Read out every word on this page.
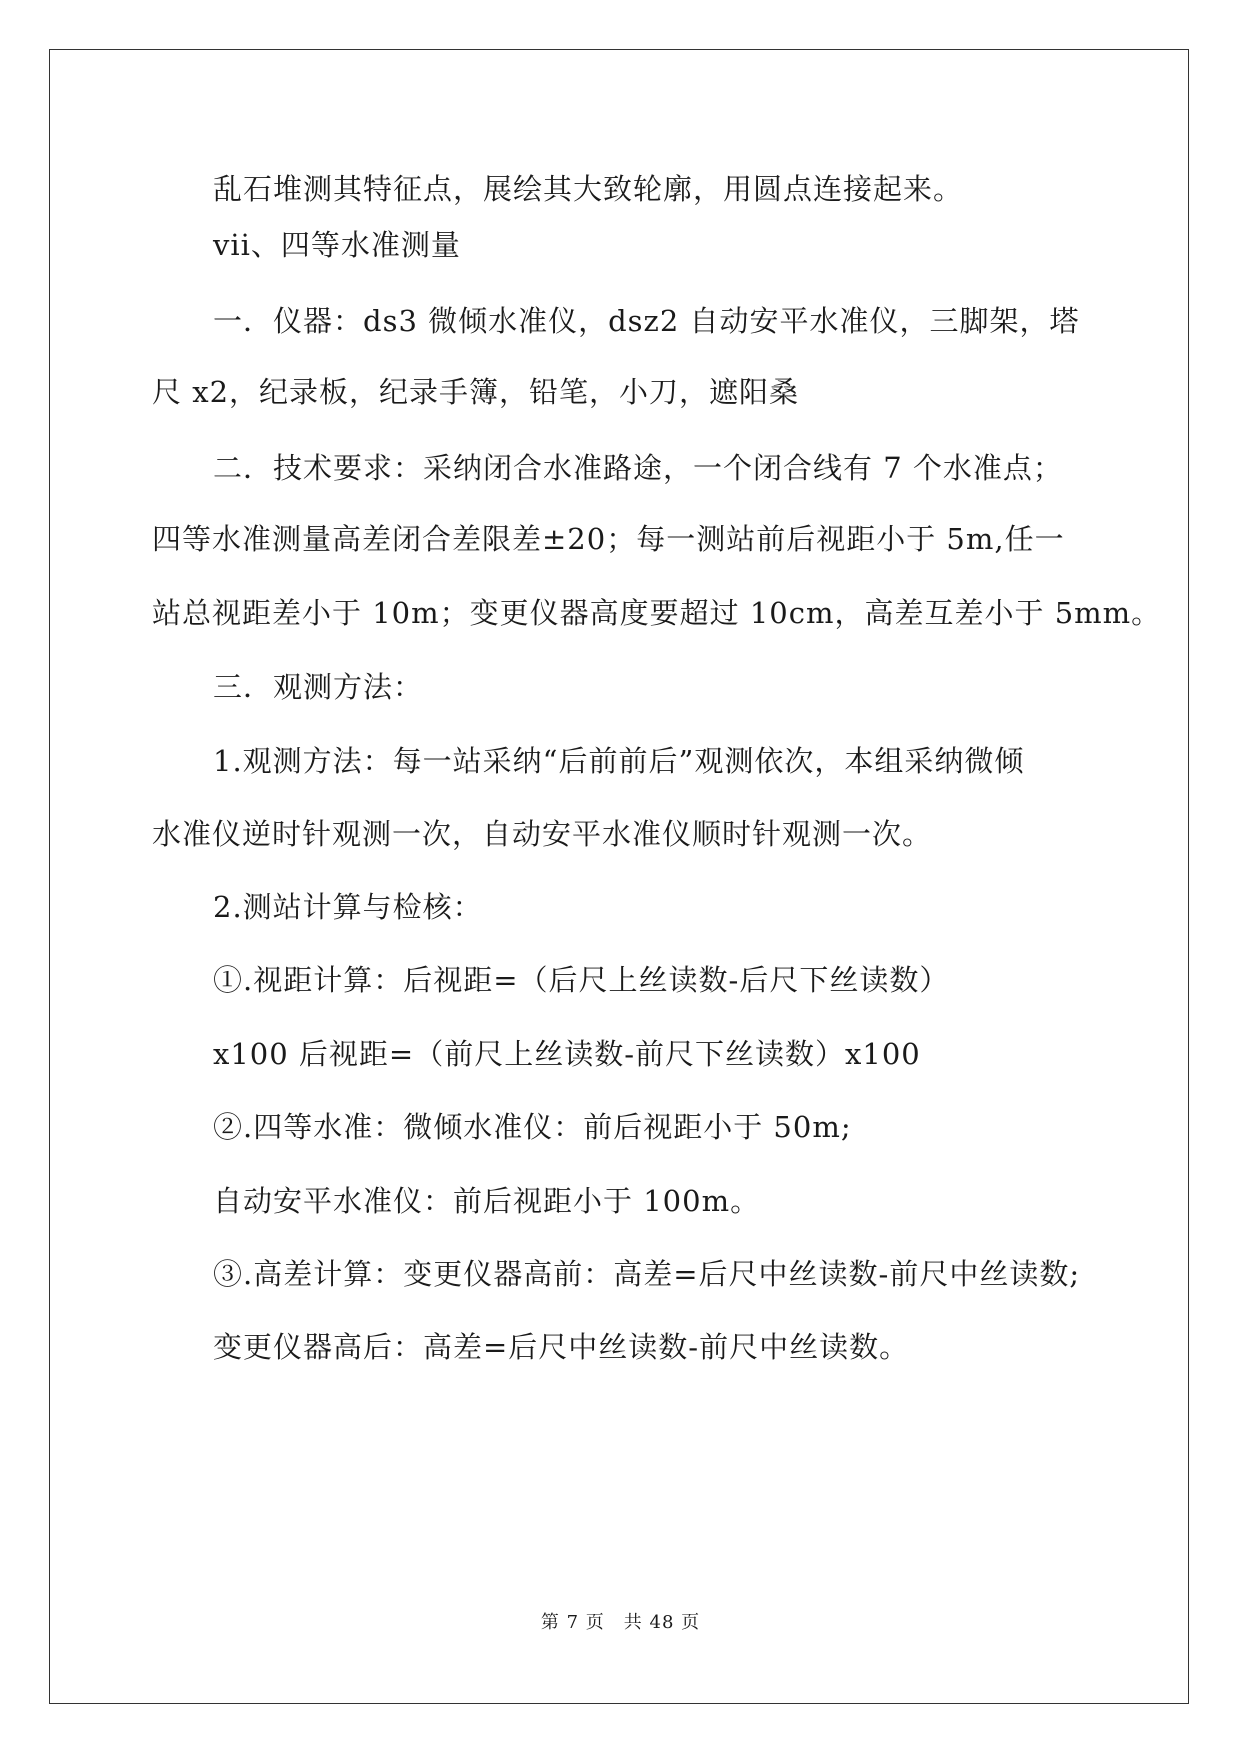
乱石堆测其特征点，展绘其大致轮廓，用圆点连接起来。
vii、四等水准测量
一．仪器：ds3 微倾水准仪，dsz2 自动安平水准仪，三脚架，塔
尺 x2，纪录板，纪录手簿，铅笔，小刀，遮阳桑
二．技术要求：采纳闭合水准路途，一个闭合线有 7 个水准点；
四等水准测量高差闭合差限差±20；每一测站前后视距小于 5m,任一
站总视距差小于 10m；变更仪器高度要超过 10cm，高差互差小于 5mm。
三．观测方法：
1.观测方法：每一站采纳“后前前后”观测依次，本组采纳微倾
水准仪逆时针观测一次，自动安平水准仪顺时针观测一次。
2.测站计算与检核：
①.视距计算：后视距=（后尺上丝读数-后尺下丝读数）
x100 后视距=（前尺上丝读数-前尺下丝读数）x100
②.四等水准：微倾水准仪：前后视距小于 50m;
自动安平水准仪：前后视距小于 100m。
③.高差计算：变更仪器高前：高差=后尺中丝读数-前尺中丝读数;
变更仪器高后：高差=后尺中丝读数-前尺中丝读数。
第 7 页　共 48 页
